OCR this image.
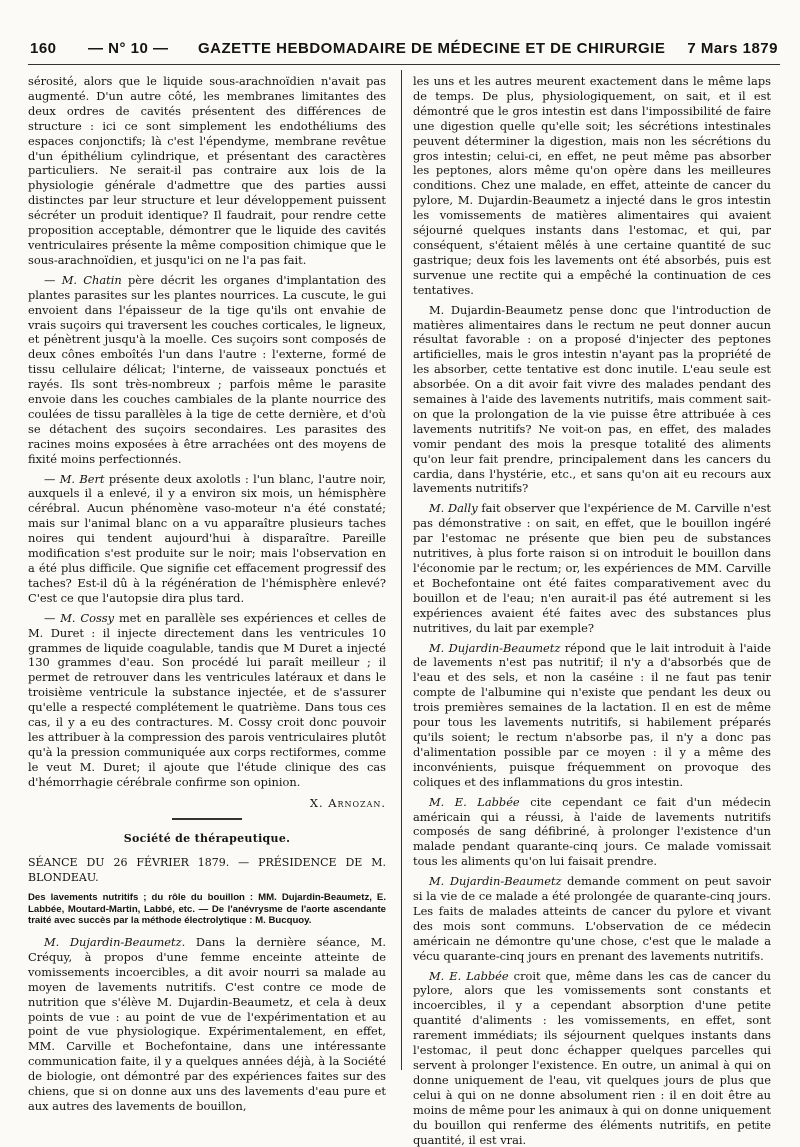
160 — N° 10 — GAZETTE HEBDOMADAIRE DE MÉDECINE ET DE CHIRURGIE 7 Mars 1879

sérosité, alors que le liquide sous-arachnoïdien n'avait pas augmenté. D'un autre côté, les membranes limitantes des deux ordres de cavités présentent des différences de structure : ici ce sont simplement les endothéliums des espaces conjonctifs; là c'est l'épendyme, membrane revêtue d'un épithélium cylindrique, et présentant des caractères particuliers. Ne serait-il pas contraire aux lois de la physiologie générale d'admettre que des parties aussi distinctes par leur structure et leur développement puissent sécréter un produit identique? Il faudrait, pour rendre cette proposition acceptable, démontrer que le liquide des cavités ventriculaires présente la même composition chimique que le sous-arachnoïdien, et jusqu'ici on ne l'a pas fait.

— M. Chatin père décrit les organes d'implantation des plantes parasites sur les plantes nourrices. La cuscute, le gui envoient dans l'épaisseur de la tige qu'ils ont envahie de vrais suçoirs qui traversent les couches corticales, le ligneux, et pénètrent jusqu'à la moelle. Ces suçoirs sont composés de deux cônes emboîtés l'un dans l'autre : l'externe, formé de tissu cellulaire délicat; l'interne, de vaisseaux ponctués et rayés. Ils sont très-nombreux ; parfois même le parasite envoie dans les couches cambiales de la plante nourrice des coulées de tissu parallèles à la tige de cette dernière, et d'où se détachent des suçoirs secondaires. Les parasites des racines moins exposées à être arrachées ont des moyens de fixité moins perfectionnés.

— M. Bert présente deux axolotls : l'un blanc, l'autre noir, auxquels il a enlevé, il y a environ six mois, un hémisphère cérébral. Aucun phénomène vaso-moteur n'a été constaté; mais sur l'animal blanc on a vu apparaître plusieurs taches noires qui tendent aujourd'hui à disparaître. Pareille modification s'est produite sur le noir; mais l'observation en a été plus difficile. Que signifie cet effacement progressif des taches? Est-il dû à la régénération de l'hémisphère enlevé? C'est ce que l'autopsie dira plus tard.

— M. Cossy met en parallèle ses expériences et celles de M. Duret : il injecte directement dans les ventricules 10 grammes de liquide coagulable, tandis que M Duret a injecté 130 grammes d'eau. Son procédé lui paraît meilleur ; il permet de retrouver dans les ventricules latéraux et dans le troisième ventricule la substance injectée, et de s'assurer qu'elle a respecté complétement le quatrième. Dans tous ces cas, il y a eu des contractures. M. Cossy croit donc pouvoir les attribuer à la compression des parois ventriculaires plutôt qu'à la pression communiquée aux corps rectiformes, comme le veut M. Duret; il ajoute que l'étude clinique des cas d'hémorrhagie cérébrale confirme son opinion.

X. Arnozan.

Société de thérapeutique.
SÉANCE DU 26 FÉVRIER 1879. — PRÉSIDENCE DE M. BLONDEAU.
Des lavements nutritifs ; du rôle du bouillon : MM. Dujardin-Beaumetz, E. Labbée, Moutard-Martin, Labbé, etc. — De l'anévrysme de l'aorte ascendante traité avec succès par la méthode électrolytique : M. Bucquoy.

M. Dujardin-Beaumetz. Dans la dernière séance, M. Créquy, à propos d'une femme enceinte atteinte de vomissements incoercibles, a dit avoir nourri sa malade au moyen de lavements nutritifs. C'est contre ce mode de nutrition que s'élève M. Dujardin-Beaumetz, et cela à deux points de vue : au point de vue de l'expérimentation et au point de vue physiologique. Expérimentalement, en effet, MM. Carville et Bochefontaine, dans une intéressante communication faite, il y a quelques années déjà, à la Société de biologie, ont démontré par des expériences faites sur des chiens, que si on donne aux uns des lavements d'eau pure et aux autres des lavements de bouillon,

les uns et les autres meurent exactement dans le même laps de temps. De plus, physiologiquement, on sait, et il est démontré que le gros intestin est dans l'impossibilité de faire une digestion quelle qu'elle soit; les sécrétions intestinales peuvent déterminer la digestion, mais non les sécrétions du gros intestin; celui-ci, en effet, ne peut même pas absorber les peptones, alors même qu'on opère dans les meilleures conditions. Chez une malade, en effet, atteinte de cancer du pylore, M. Dujardin-Beaumetz a injecté dans le gros intestin les vomissements de matières alimentaires qui avaient séjourné quelques instants dans l'estomac, et qui, par conséquent, s'étaient mêlés à une certaine quantité de suc gastrique; deux fois les lavements ont été absorbés, puis est survenue une rectite qui a empêché la continuation de ces tentatives.

M. Dujardin-Beaumetz pense donc que l'introduction de matières alimentaires dans le rectum ne peut donner aucun résultat favorable : on a proposé d'injecter des peptones artificielles, mais le gros intestin n'ayant pas la propriété de les absorber, cette tentative est donc inutile. L'eau seule est absorbée. On a dit avoir fait vivre des malades pendant des semaines à l'aide des lavements nutritifs, mais comment sait-on que la prolongation de la vie puisse être attribuée à ces lavements nutritifs? Ne voit-on pas, en effet, des malades vomir pendant des mois la presque totalité des aliments qu'on leur fait prendre, principalement dans les cancers du cardia, dans l'hystérie, etc., et sans qu'on ait eu recours aux lavements nutritifs?

M. Dally fait observer que l'expérience de M. Carville n'est pas démonstrative : on sait, en effet, que le bouillon ingéré par l'estomac ne présente que bien peu de substances nutritives, à plus forte raison si on introduit le bouillon dans l'économie par le rectum; or, les expériences de MM. Carville et Bochefontaine ont été faites comparativement avec du bouillon et de l'eau; n'en aurait-il pas été autrement si les expériences avaient été faites avec des substances plus nutritives, du lait par exemple?

M. Dujardin-Beaumetz répond que le lait introduit à l'aide de lavements n'est pas nutritif; il n'y a d'absorbés que de l'eau et des sels, et non la caséine : il ne faut pas tenir compte de l'albumine qui n'existe que pendant les deux ou trois premières semaines de la lactation. Il en est de même pour tous les lavements nutritifs, si habilement préparés qu'ils soient; le rectum n'absorbe pas, il n'y a donc pas d'alimentation possible par ce moyen : il y a même des inconvénients, puisque fréquemment on provoque des coliques et des inflammations du gros intestin.

M. E. Labbée cite cependant ce fait d'un médecin américain qui a réussi, à l'aide de lavements nutritifs composés de sang défibriné, à prolonger l'existence d'un malade pendant quarante-cinq jours. Ce malade vomissait tous les aliments qu'on lui faisait prendre.

M. Dujardin-Beaumetz demande comment on peut savoir si la vie de ce malade a été prolongée de quarante-cinq jours. Les faits de malades atteints de cancer du pylore et vivant des mois sont communs. L'observation de ce médecin américain ne démontre qu'une chose, c'est que le malade a vécu quarante-cinq jours en prenant des lavements nutritifs.

M. E. Labbée croit que, même dans les cas de cancer du pylore, alors que les vomissements sont constants et incoercibles, il y a cependant absorption d'une petite quantité d'aliments : les vomissements, en effet, sont rarement immédiats; ils séjournent quelques instants dans l'estomac, il peut donc échapper quelques parcelles qui servent à prolonger l'existence. En outre, un animal à qui on donne uniquement de l'eau, vit quelques jours de plus que celui à qui on ne donne absolument rien : il en doit être au moins de même pour les animaux à qui on donne uniquement du bouillon qui renferme des éléments nutritifs, en petite quantité, il est vrai.
